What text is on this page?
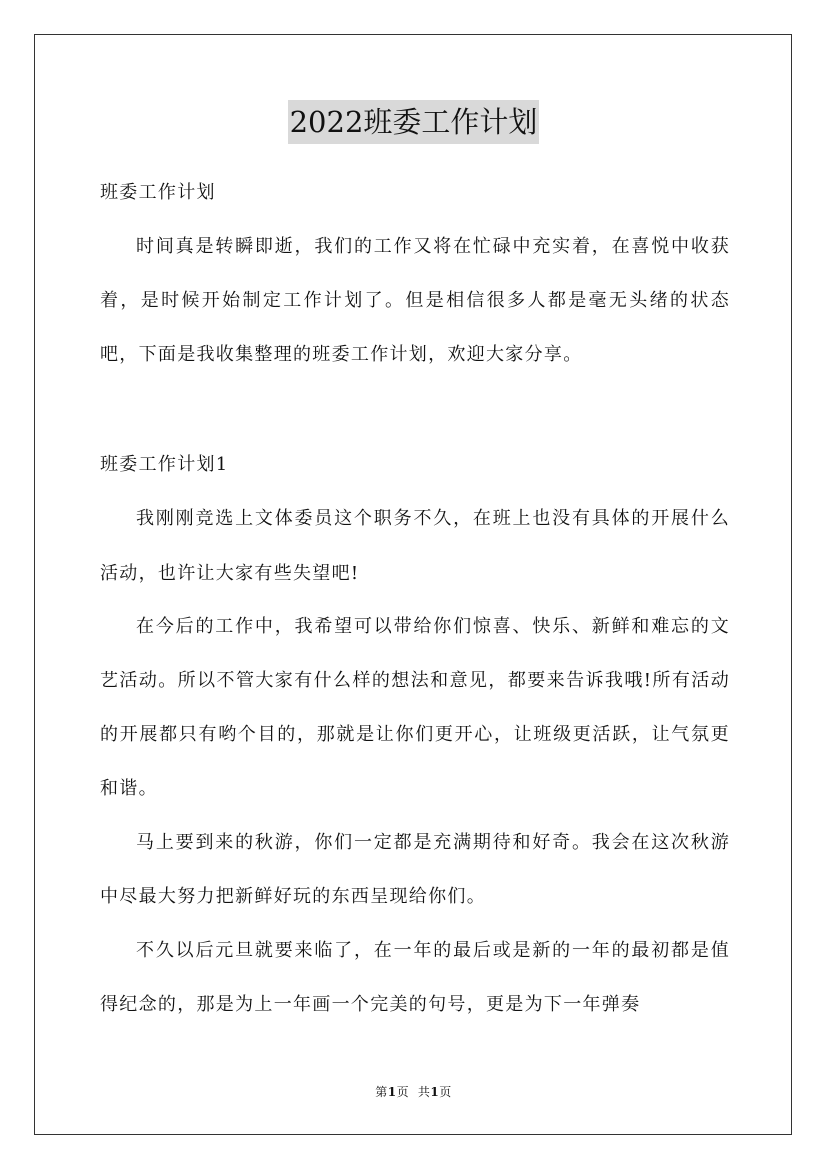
2022班委工作计划
班委工作计划

时间真是转瞬即逝，我们的工作又将在忙碌中充实着，在喜悦中收获着，是时候开始制定工作计划了。但是相信很多人都是毫无头绪的状态吧，下面是我收集整理的班委工作计划，欢迎大家分享。

班委工作计划1

我刚刚竞选上文体委员这个职务不久，在班上也没有具体的开展什么活动，也许让大家有些失望吧!

在今后的工作中，我希望可以带给你们惊喜、快乐、新鲜和难忘的文艺活动。所以不管大家有什么样的想法和意见，都要来告诉我哦!所有活动的开展都只有哟个目的，那就是让你们更开心，让班级更活跃，让气氛更和谐。

马上要到来的秋游，你们一定都是充满期待和好奇。我会在这次秋游中尽最大努力把新鲜好玩的东西呈现给你们。

不久以后元旦就要来临了，在一年的最后或是新的一年的最初都是值得纪念的，那是为上一年画一个完美的句号，更是为下一年弹奏

第1页 共1页
